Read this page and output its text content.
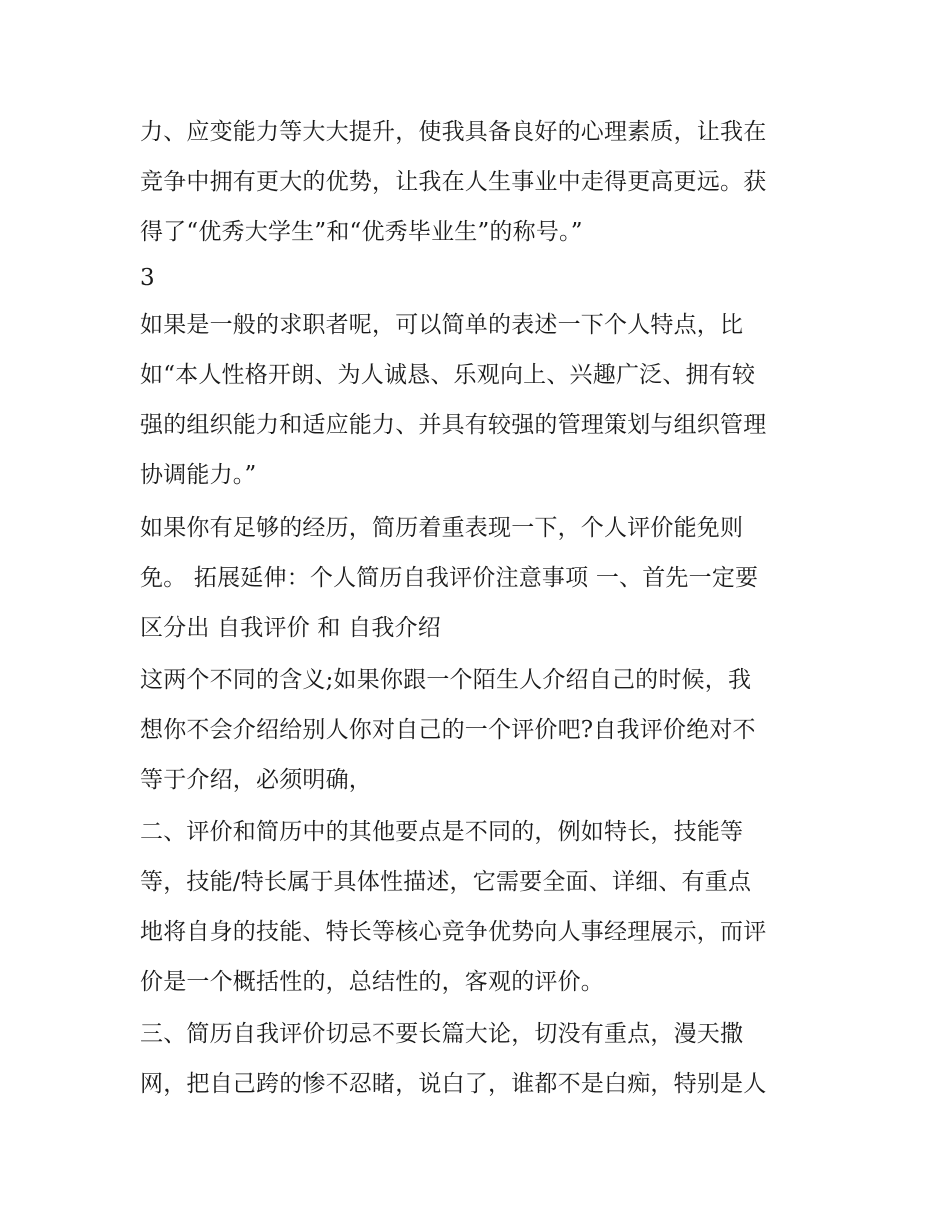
力、应变能力等大大提升，使我具备良好的心理素质，让我在
竞争中拥有更大的优势，让我在人生事业中走得更高更远。获
得了“优秀大学生”和“优秀毕业生”的称号。”
3
如果是一般的求职者呢，可以简单的表述一下个人特点，比
如“本人性格开朗、为人诚恳、乐观向上、兴趣广泛、拥有较
强的组织能力和适应能力、并具有较强的管理策划与组织管理
协调能力。”
如果你有足够的经历，简历着重表现一下，个人评价能免则
免。 拓展延伸：个人简历自我评价注意事项 一、首先一定要
区分出 自我评价 和 自我介绍
这两个不同的含义;如果你跟一个陌生人介绍自己的时候，我
想你不会介绍给别人你对自己的一个评价吧?自我评价绝对不
等于介绍，必须明确，
二、评价和简历中的其他要点是不同的，例如特长，技能等
等，技能/特长属于具体性描述，它需要全面、详细、有重点
地将自身的技能、特长等核心竞争优势向人事经理展示，而评
价是一个概括性的，总结性的，客观的评价。
三、简历自我评价切忌不要长篇大论，切没有重点，漫天撒
网，把自己跨的惨不忍睹，说白了，谁都不是白痴，特别是人
